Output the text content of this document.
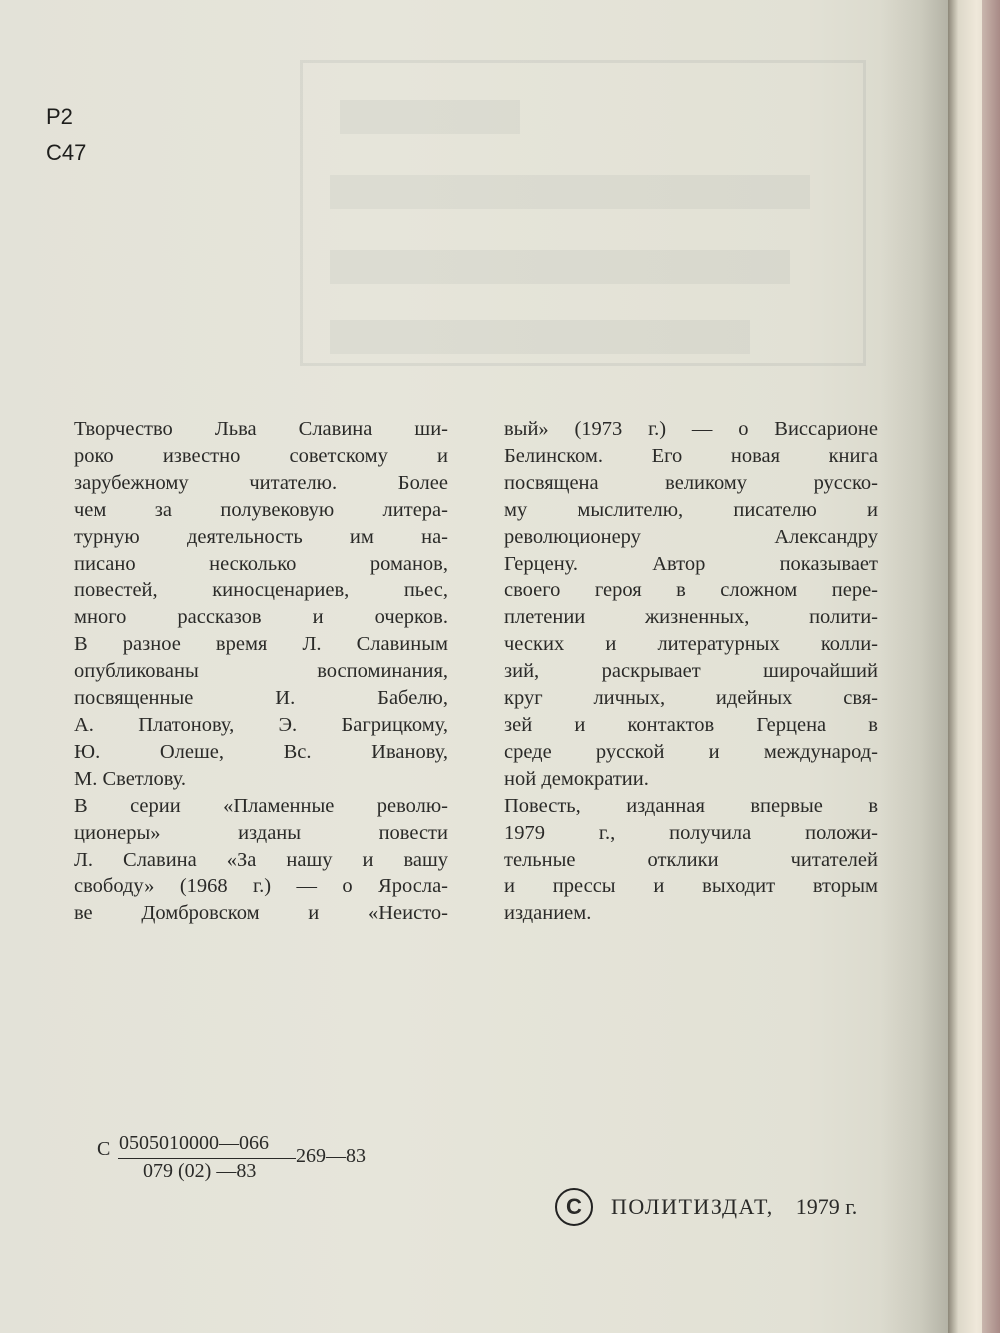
Р2
С47
Творчество Льва Славина ши-
роко известно советскому и
зарубежному читателю. Более
чем за полувековую литера-
турную деятельность им на-
писано несколько романов,
повестей, киносценариев, пьес,
много рассказов и очерков.
В разное время Л. Славиным
опубликованы воспоминания,
посвященные И. Бабелю,
А. Платонову, Э. Багрицкому,
Ю. Олеше, Вс. Иванову,
М. Светлову.
В серии «Пламенные револю-
ционеры» изданы повести
Л. Славина «За нашу и вашу
свободу» (1968 г.) — о Яросла-
ве Домбровском и «Неисто-
вый» (1973 г.) — о Виссарионе
Белинском. Его новая книга
посвящена великому русско-
му мыслителю, писателю и
революционеру Александру
Герцену. Автор показывает
своего героя в сложном пере-
плетении жизненных, полити-
ческих и литературных колли-
зий, раскрывает широчайший
круг личных, идейных свя-
зей и контактов Герцена в
среде русской и международ-
ной демократии.
Повесть, изданная впервые в
1979 г., получила положи-
тельные отклики читателей
и прессы и выходит вторым
изданием.
С 0505010000—066
079 (02) —83
269—83
С	ПОЛИТИЗДАТ, 1979 г.
